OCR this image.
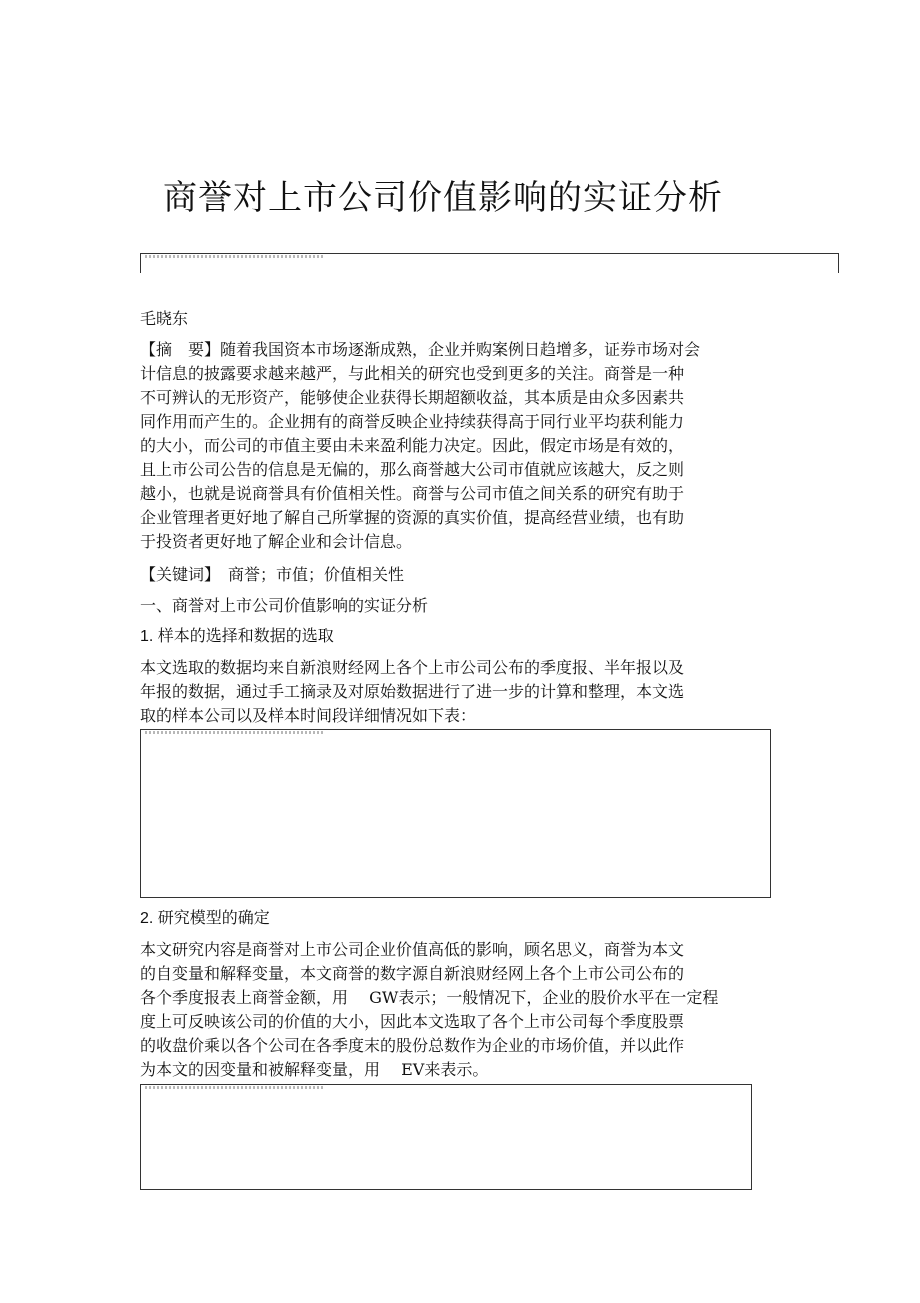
商誉对上市公司价值影响的实证分析
毛晓东
【摘　要】随着我国资本市场逐渐成熟，企业并购案例日趋增多，证券市场对会
计信息的披露要求越来越严，与此相关的研究也受到更多的关注。商誉是一种
不可辨认的无形资产，能够使企业获得长期超额收益，其本质是由众多因素共
同作用而产生的。企业拥有的商誉反映企业持续获得高于同行业平均获利能力
的大小，而公司的市值主要由未来盈利能力决定。因此，假定市场是有效的，
且上市公司公告的信息是无偏的，那么商誉越大公司市值就应该越大，反之则
越小，也就是说商誉具有价值相关性。商誉与公司市值之间关系的研究有助于
企业管理者更好地了解自己所掌握的资源的真实价值，提高经营业绩，也有助
于投资者更好地了解企业和会计信息。
【关键词】　商誉；市值；价值相关性
一、商誉对上市公司价值影响的实证分析
1. 样本的选择和数据的选取
本文选取的数据均来自新浪财经网上各个上市公司公布的季度报、半年报以及
年报的数据，通过手工摘录及对原始数据进行了进一步的计算和整理，本文选
取的样本公司以及样本时间段详细情况如下表：
2. 研究模型的确定
本文研究内容是商誉对上市公司企业价值高低的影响，顾名思义，商誉为本文
的自变量和解释变量，本文商誉的数字源自新浪财经网上各个上市公司公布的
各个季度报表上商誉金额，用　 GW表示；一般情况下，企业的股价水平在一定程
度上可反映该公司的价值的大小，因此本文选取了各个上市公司每个季度股票
的收盘价乘以各个公司在各季度末的股份总数作为企业的市场价值，并以此作
为本文的因变量和被解释变量，用　 EV来表示。
